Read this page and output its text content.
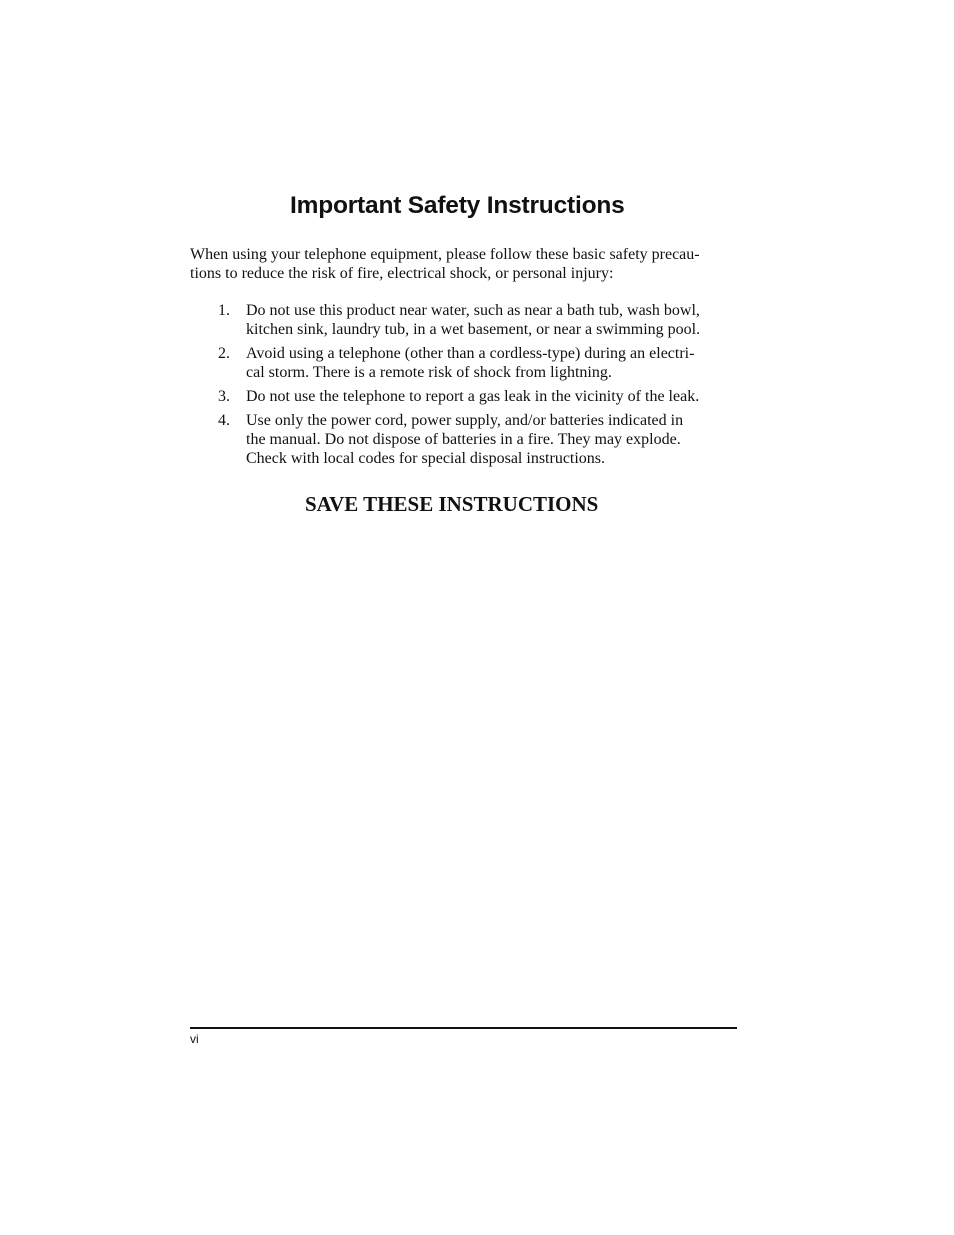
Important Safety Instructions
When using your telephone equipment, please follow these basic safety precau-
tions to reduce the risk of fire, electrical shock, or personal injury:
1. Do not use this product near water, such as near a bath tub, wash bowl,
kitchen sink, laundry tub, in a wet basement, or near a swimming pool.
2. Avoid using a telephone (other than a cordless-type) during an electri-
cal storm. There is a remote risk of shock from lightning.
3. Do not use the telephone to report a gas leak in the vicinity of the leak.
4. Use only the power cord, power supply, and/or batteries indicated in
the manual. Do not dispose of batteries in a fire. They may explode.
Check with local codes for special disposal instructions.
SAVE THESE INSTRUCTIONS
vi
